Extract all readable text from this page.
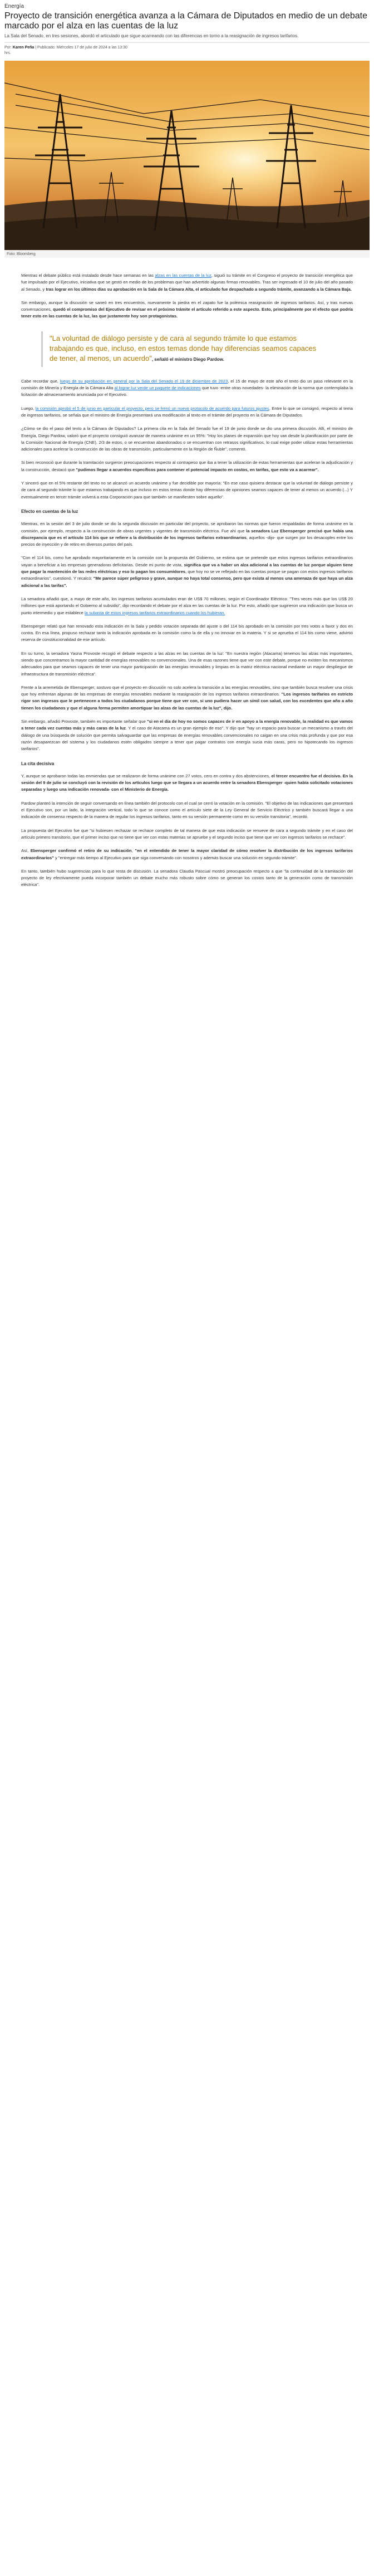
Energía
Proyecto de transición energética avanza a la Cámara de Diputados en medio de un debate marcado por el alza en las cuentas de la luz

La Sala del Senado, en tres sesiones, abordó el articulado que sigue acarreando con las diferencias en torno a la reasignación de ingresos tarifarios.

Por: Karen Peña | Publicado: Miércoles 17 de julio de 2024 a las 13:30
hrs.
Foto: Bloomberg

Mientras el debate público está instalado desde hace semanas en las alzas en las cuentas de la luz, siguió su trámite en el Congreso el proyecto de transición energética que fue impulsado por el Ejecutivo, iniciativa que se gestó en medio de los problemas que han advertido algunas firmas renovables. Tras ser ingresado el 10 de julio del año pasado al Senado, y tras lograr en los últimos días su aprobación en la Sala de la Cámara Alta, el articulado fue despachado a segundo trámite, avanzando a la Cámara Baja.

Sin embargo, aunque la discusión se saneó en tres encuentros, nuevamente la piedra en el zapato fue la polémica reasignación de ingresos tarifarios. Así, y tras nuevas conversaciones, quedó el compromiso del Ejecutivo de revisar en el próximo trámite el artículo referido a este aspecto. Esto, principalmente por el efecto que podría tener esto en las cuentas de la luz, las que justamente hoy son protagonistas.

"La voluntad de diálogo persiste y de cara al segundo trámite lo que estamos trabajando es que, incluso, en estos temas donde hay diferencias seamos capaces de tener, al menos, un acuerdo", señaló el ministro Diego Pardow.

Cabe recordar que, luego de su aprobación en general por la Sala del Senado el 19 de diciembre de 2023, el 15 de mayo de este año el texto dio un paso relevante en la comisión de Minería y Energía de la Cámara Alta al lograr luz verde un paquete de indicaciones que tuvo -entre otras novedades- la eliminación de la norma que contemplaba la licitación de almacenamiento anunciada por el Ejecutivo.

Luego, la comisión aprobó el 5 de junio en particular el proyecto, pero se frenó un nuevo protocolo de acuerdo para futuros ajustes. Entre lo que se consignó, respecto al tema de ingresos tarifarios, se señala que el ministro de Energía presentará una modificación al texto en el trámite del proyecto en la Cámara de Diputados.

¿Cómo se dio el paso del texto a la Cámara de Diputados? La primera cita en la Sala del Senado fue el 19 de junio donde se dio una primera discusión. Allí, el ministro de Energía, Diego Pardow, valoró que el proyecto consiguió avanzar de manera unánime en un 95%: "Hoy los planes de expansión que hoy van desde la planificación por parte de la Comisión Nacional de Energía (CNE), 2/3 de estos, o se encuentran abandonados o se encuentran con retrasos significativos, lo cual exige poder utilizar estas herramientas adicionales para acelerar la construcción de las obras de transmisión, particularmente en la Región de Ñuble", comentó.

Si bien reconoció que durante la tramitación surgieron preocupaciones respecto al contrapeso que iba a tener la utilización de estas herramientas que aceleran la adjudicación y la construcción, destacó que "pudimos llegar a acuerdos específicos para contener el potencial impacto en costos, en tarifas, que esto va a acarrear".

Y sinceró que en el 5% restante del texto no se alcanzó un acuerdo unánime y fue decidible por mayoría: "En ese caso quisiera destacar que la voluntad de diálogo persiste y de cara al segundo trámite lo que estamos trabajando es que incluso en estos temas donde hay diferencias de opiniones seamos capaces de tener al menos un acuerdo (...) Y eventualmente en tercer trámite volverá a esta Corporación para que también se manifiesten sobre aquello".

Efecto en cuentas de la luz

Mientras, en la sesión del 3 de julio donde se dio la segunda discusión en particular del proyecto, se aprobaron las normas que fueron respaldadas de forma unánime en la comisión, por ejemplo, respecto a la construcción de obras urgentes y vigentes de transmisión eléctrica. Fue ahí que la senadora Luz Ebensperger precisó que había una discrepancia que es el artículo 114 bis que se refiere a la distribución de los ingresos tarifarios extraordinarios, aquellos -dijo- que surgen por los desacoples entre los precios de inyección y de retiro en diversos puntos del país.

"Con el 114 bis, como fue aprobado mayoritariamente en la comisión con la propuesta del Gobierno, se estima que se pretende que estos ingresos tarifarios extraordinarios vayan a beneficiar a las empresas generadoras deficitarias. Desde mi punto de vista, significa que va a haber un alza adicional a las cuentas de luz porque alguien tiene que pagar la mantención de las redes eléctricas y eso lo pagan los consumidores, que hoy no se ve reflejado en las cuentas porque se pagan con estos ingresos tarifarios extraordinarios", cuestionó. Y recalcó: "Me parece súper peligroso y grave, aunque no haya total consenso, pero que exista al menos una amenaza de que haya un alza adicional a las tarifas".

La senadora añadió que, a mayo de este año, los ingresos tarifarios acumulados eran de US$ 70 millones, según el Coordinador Eléctrico. "Tres veces más que los US$ 20 millones que está aportando el Gobierno al subsidio", dijo recordando el debate por el alza en las cuentas de la luz. Por esto, añadió que sugirieron una indicación que busca un punto intermedio y que establece la subasta de estos ingresos tarifarios extraordinarios cuando los hubieran.

Ebensperger relató que han renovado esta indicación en la Sala y pedido votación separada del ajuste o del 114 bis aprobado en la comisión por tres votos a favor y dos en contra. En esa línea, propuso rechazar tanto la indicación aprobada en la comisión como la de ella y no innovar en la materia. Y si se aprueba el 114 bis como viene, advirtió reserva de constitucionalidad de ese artículo.

En su turno, la senadora Yasna Provoste recogió el debate respecto a las alzas en las cuentas de la luz: "En nuestra región (Atacama) tenemos las alzas más importantes, siendo que concentramos la mayor cantidad de energías renovables no convencionales. Una de esas razones tiene que ver con este debate, porque no existen los mecanismos adecuados para que seamos capaces de tener una mayor participación de las energías renovables y limpias en la matriz eléctrica nacional mediante un mayor despliegue de infraestructura de transmisión eléctrica".

Frente a la arremetida de Ebensperger, sostuvo que el proyecto en discusión no solo acelera la transición a las energías renovables, sino que también busca resolver una crisis que hoy enfrentan algunas de las empresas de energías renovables mediante la reasignación de los ingresos tarifarios extraordinarios. "Los ingresos tarifarios en estricto rigor son ingresos que le pertenecen a todos los ciudadanos porque tiene que ver con, si uno pudiera hacer un símil con salud, con los excedentes que año a año tienen los ciudadanos y que el alguna forma permiten amortiguar las alzas de las cuentas de la luz", dijo.

Sin embargo, añadió Provoste, también es importante señalar que "si en el día de hoy no somos capaces de ir en apoyo a la energía renovable, la realidad es que vamos a tener cada vez cuentas más y más caras de la luz. Y el caso de Atacama es un gran ejemplo de eso". Y dijo que "hay un espacio para buscar un mecanismo a través del diálogo de una búsqueda de solución que permita salvaguardar que las empresas de energías renovables convencionales no caigan en una crisis más profunda y que por esa razón desaparezcan del sistema y los ciudadanos estén obligados siempre a tener que pagar contratos con energía sucia más caras, pero no hipotecando los ingresos tarifarios".

La cita decisiva

Y, aunque se aprobaron todas las enmiendas que se realizaron de forma unánime con 27 votos, cero en contra y dos abstenciones, el tercer encuentro fue el decisivo. En la sesión del 9 de julio se concluyó con la revisión de los artículos luego que se llegara a un acuerdo entre la senadora Ebensperger -quien había solicitado votaciones separadas y luego una indicación renovada- con el Ministerio de Energía.

Pardow planteó la intención de seguir conversando en línea también del protocolo con el cual se cerró la votación en la comisión. "El objetivo de las indicaciones que presentará el Ejecutivo son, por un lado, la integración vertical, todo lo que se conoce como el artículo siete de la Ley General de Servicio Eléctrico y también buscará llegar a una indicación de consenso respecto de la manera de regular los ingresos tarifarios, tanto en su versión permanente como en su versión transitoria", recordó.

La propuesta del Ejecutivo fue que "si hubiesen rechazar se rechace completo de tal manera de que esta indicación se renueve de cara a segundo trámite y en el caso del artículo primero transitorio, que el primer inciso que no tiene que ver con estas materias se apruebe y el segundo inciso que tiene que ver con ingresos tarifarios se rechace".

Así, Ebensperger confirmó el retiro de su indicación, "en el entendido de tener la mayor claridad de cómo resolver la distribución de los ingresos tarifarios extraordinarios" y "entregar más tiempo al Ejecutivo para que siga conversando con nosotros y además buscar una solución en segundo trámite".

En tanto, también hubo sugerencias para lo que resta de discusión. La senadora Claudia Pascual mostró preocupación respecto a que "la continuidad de la tramitación del proyecto de ley efectivamente pueda incorporar también un debate mucho más robusto sobre cómo se generan los costos tanto de la generación como de transmisión eléctrica".
